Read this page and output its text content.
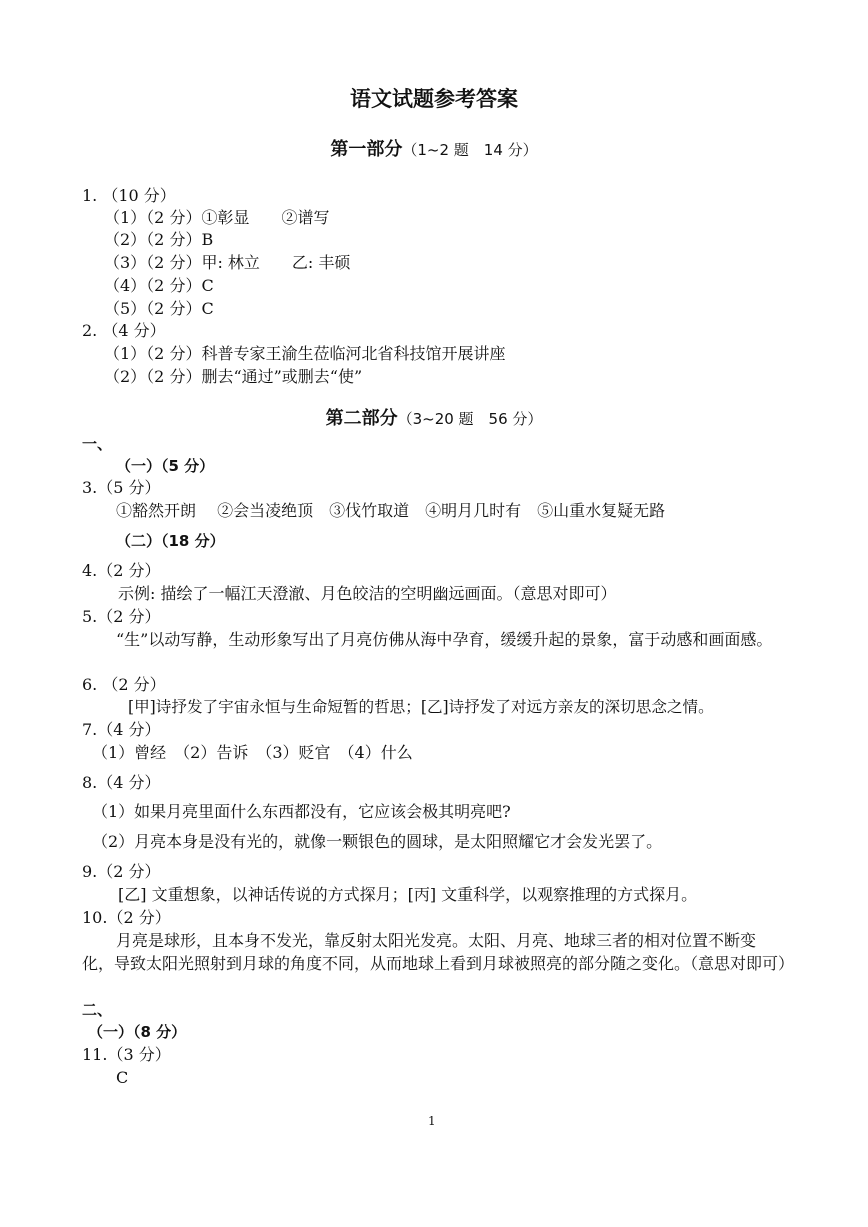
语文试题参考答案
第一部分（1~2 题　14 分）
1. （10 分）
（1）（2 分）①彰显　　②谱写
（2）（2 分）B
（3）（2 分）甲: 林立　　乙: 丰硕
（4）（2 分）C
（5）（2 分）C
2. （4 分）
（1）（2 分）科普专家王渝生莅临河北省科技馆开展讲座
（2）（2 分）删去“通过”或删去“使”
第二部分（3~20 题　56 分）
一、
（一）（5 分）
3.（5 分）
①豁然开朗　 ②会当凌绝顶　③伐竹取道　④明月几时有　⑤山重水复疑无路
（二）（18 分）
4.（2 分）
示例: 描绘了一幅江天澄澈、月色皎洁的空明幽远画面。（意思对即可）
5.（2 分）
“生”以动写静，生动形象写出了月亮仿佛从海中孕育，缓缓升起的景象，富于动感和画面感。
6. （2 分）
[甲]诗抒发了宇宙永恒与生命短暂的哲思；[乙]诗抒发了对远方亲友的深切思念之情。
7.（4 分）
（1）曾经　（2）告诉　（3）贬官　（4）什么
8.（4 分）
（1）如果月亮里面什么东西都没有，它应该会极其明亮吧?
（2）月亮本身是没有光的，就像一颗银色的圆球，是太阳照耀它才会发光罢了。
9.（2 分）
[乙] 文重想象，以神话传说的方式探月；[丙] 文重科学，以观察推理的方式探月。
10.（2 分）
月亮是球形，且本身不发光，靠反射太阳光发亮。太阳、月亮、地球三者的相对位置不断变化，导致太阳光照射到月球的角度不同，从而地球上看到月球被照亮的部分随之变化。（意思对即可）
二、
（一）（8 分）
11.（3 分）
C
1
